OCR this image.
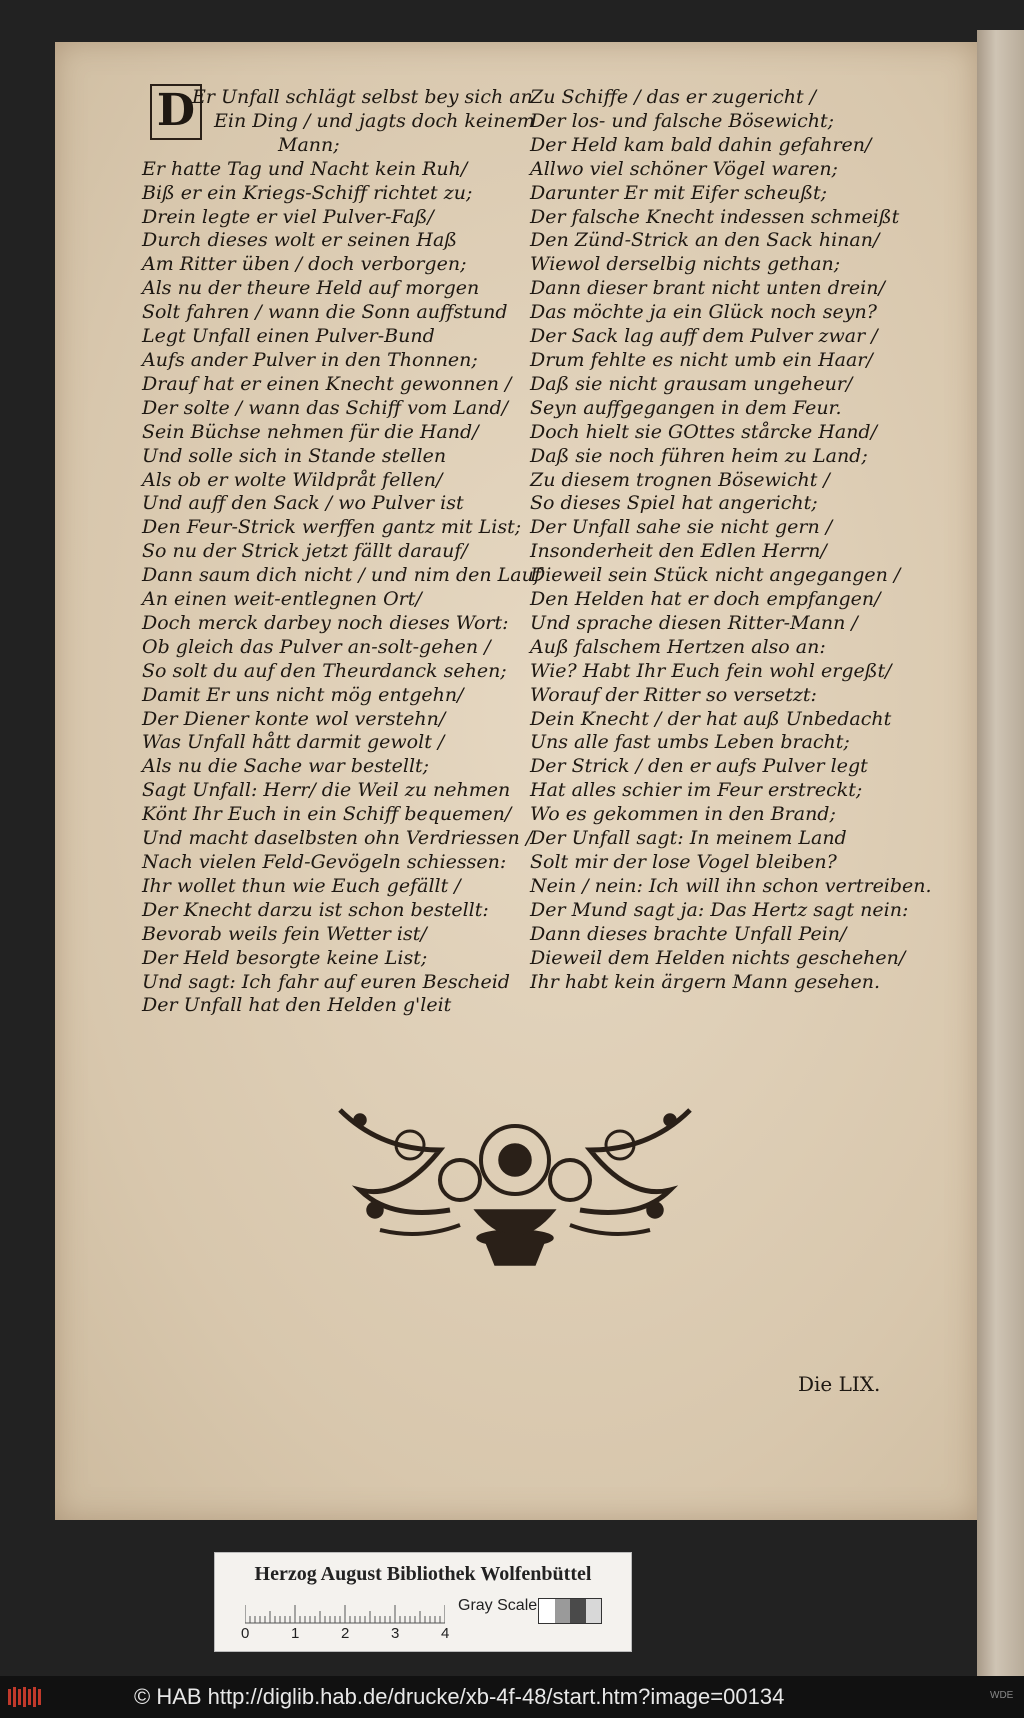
D
Er Unfall schlägt selbst bey sich an
Ein Ding / und jagts doch keinem
Mann;
Er hatte Tag und Nacht kein Ruh/
Biß er ein Kriegs-Schiff richtet zu;
Drein legte er viel Pulver-Faß/
Durch dieses wolt er seinen Haß
Am Ritter üben / doch verborgen;
Als nu der theure Held auf morgen
Solt fahren / wann die Sonn auffstund
Legt Unfall einen Pulver-Bund
Aufs ander Pulver in den Thonnen;
Drauf hat er einen Knecht gewonnen /
Der solte / wann das Schiff vom Land/
Sein Büchse nehmen für die Hand/
Und solle sich in Stande stellen
Als ob er wolte Wildpråt fellen/
Und auff den Sack / wo Pulver ist
Den Feur-Strick werffen gantz mit List;
So nu der Strick jetzt fällt darauf/
Dann saum dich nicht / und nim den Lauf
An einen weit-entlegnen Ort/
Doch merck darbey noch dieses Wort:
Ob gleich das Pulver an-solt-gehen /
So solt du auf den Theurdanck sehen;
Damit Er uns nicht mög entgehn/
Der Diener konte wol verstehn/
Was Unfall hått darmit gewolt /
Als nu die Sache war bestellt;
Sagt Unfall: Herr/ die Weil zu nehmen
Könt Ihr Euch in ein Schiff bequemen/
Und macht daselbsten ohn Verdriessen /
Nach vielen Feld-Gevögeln schiessen:
Ihr wollet thun wie Euch gefällt /
Der Knecht darzu ist schon bestellt:
Bevorab weils fein Wetter ist/
Der Held besorgte keine List;
Und sagt: Ich fahr auf euren Bescheid
Der Unfall hat den Helden g'leit
Zu Schiffe / das er zugericht /
Der los- und falsche Bösewicht;
Der Held kam bald dahin gefahren/
Allwo viel schöner Vögel waren;
Darunter Er mit Eifer scheußt;
Der falsche Knecht indessen schmeißt
Den Zünd-Strick an den Sack hinan/
Wiewol derselbig nichts gethan;
Dann dieser brant nicht unten drein/
Das möchte ja ein Glück noch seyn?
Der Sack lag auff dem Pulver zwar /
Drum fehlte es nicht umb ein Haar/
Daß sie nicht grausam ungeheur/
Seyn auffgegangen in dem Feur.
Doch hielt sie GOttes stårcke Hand/
Daß sie noch führen heim zu Land;
Zu diesem trognen Bösewicht /
So dieses Spiel hat angericht;
Der Unfall sahe sie nicht gern /
Insonderheit den Edlen Herrn/
Dieweil sein Stück nicht angegangen /
Den Helden hat er doch empfangen/
Und sprache diesen Ritter-Mann /
Auß falschem Hertzen also an:
Wie? Habt Ihr Euch fein wohl ergeßt/
Worauf der Ritter so versetzt:
Dein Knecht / der hat auß Unbedacht
Uns alle fast umbs Leben bracht;
Der Strick / den er aufs Pulver legt
Hat alles schier im Feur erstreckt;
Wo es gekommen in den Brand;
Der Unfall sagt: In meinem Land
Solt mir der lose Vogel bleiben?
Nein / nein: Ich will ihn schon vertreiben.
Der Mund sagt ja: Das Hertz sagt nein:
Dann dieses brachte Unfall Pein/
Dieweil dem Helden nichts geschehen/
Ihr habt kein ärgern Mann gesehen.
Die LIX.
Herzog August Bibliothek Wolfenbüttel
0	1	2	3	4
Gray Scale
© HAB http://diglib.hab.de/drucke/xb-4f-48/start.htm?image=00134	WDE
